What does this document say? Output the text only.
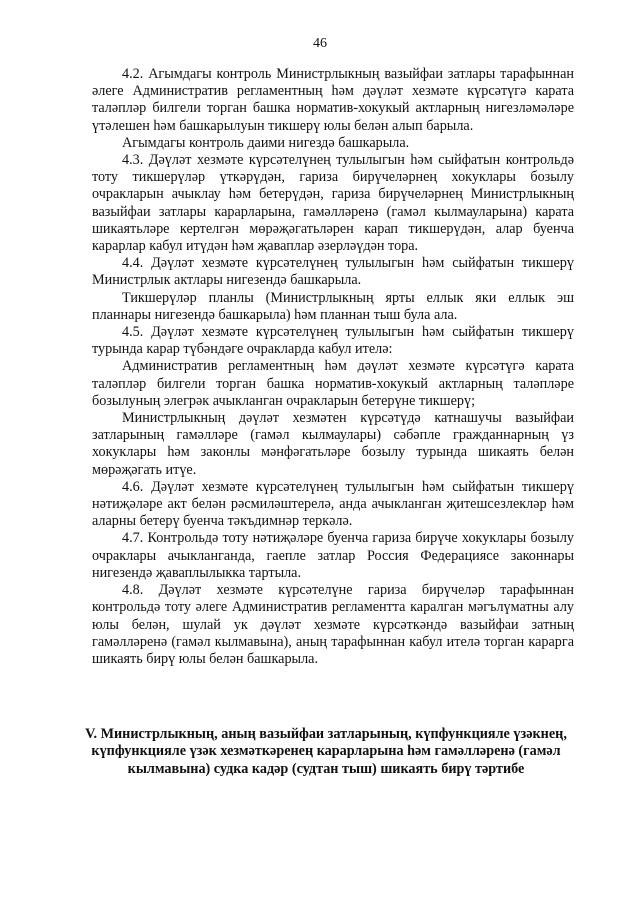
46

4.2. Агымдагы контроль Министрлыкның вазыйфаи затлары тарафыннан әлеге Административ регламентның һәм дәүләт хезмәте күрсәтүгә карата таләпләр билгели торган башка норматив-хокукый актларның нигезләмәләре үтәлешен һәм башкарылуын тикшерү юлы белән алып барыла.

Агымдагы контроль даими нигездә башкарыла.

4.3. Дәүләт хезмәте күрсәтелүнең тулылыгын һәм сыйфатын контрольдә тоту тикшерүләр үткәрүдән, гариза бирүчеләрнең хокуклары бозылу очракларын ачыклау һәм бетерүдән, гариза бирүчеләрнең Министрлыкның вазыйфаи затлары карарларына, гамәлләренә (гамәл кылмауларына) карата шикаятьләре кертелгән мөрәҗәгатьләрен карап тикшерүдән, алар буенча карарлар кабул итүдән һәм җаваплар әзерләүдән тора.

4.4. Дәүләт хезмәте күрсәтелүнең тулылыгын һәм сыйфатын тикшерү Министрлык актлары нигезендә башкарыла.

Тикшерүләр планлы (Министрлыкның ярты еллык яки еллык эш планнары нигезендә башкарыла) һәм планнан тыш була ала.

4.5. Дәүләт хезмәте күрсәтелүнең тулылыгын һәм сыйфатын тикшерү турында карар түбәндәге очракларда кабул ителә:

Административ регламентның һәм дәүләт хезмәте күрсәтүгә карата таләпләр билгели торган башка норматив-хокукый актларның таләпләре бозылуның элегрәк ачыкланган очракларын бетерүне тикшерү;

Министрлыкның дәүләт хезмәтен күрсәтүдә катнашучы вазыйфаи затларының гамәлләре (гамәл кылмаулары) сәбәпле гражданнарның үз хокуклары һәм законлы мәнфәгатьләре бозылу турында шикаять белән мөрәҗәгать итүе.

4.6. Дәүләт хезмәте күрсәтелүнең тулылыгын һәм сыйфатын тикшерү нәтиҗәләре акт белән рәсмиләштерелә, анда ачыкланган җитешсезлекләр һәм аларны бетерү буенча тәкъдимнәр теркәлә.

4.7. Контрольдә тоту нәтиҗәләре буенча гариза бирүче хокуклары бозылу очраклары ачыкланганда, гаепле затлар Россия Федерациясе законнары нигезендә җаваплылыкка тартыла.

4.8. Дәүләт хезмәте күрсәтелүне гариза бирүчеләр тарафыннан контрольдә тоту әлеге Административ регламентта каралган мәгълүматны алу юлы белән, шулай ук дәүләт хезмәте күрсәткәндә вазыйфаи затның гамәлләренә (гамәл кылмавына), аның тарафыннан кабул ителә торган карарга шикаять бирү юлы белән башкарыла.

V. Министрлыкның, аның вазыйфаи затларының, күпфункцияле үзәкнең, күпфункцияле үзәк хезмәткәренең карарларына һәм гамәлләренә (гамәл кылмавына) судка кадәр (судтан тыш) шикаять бирү тәртибе
